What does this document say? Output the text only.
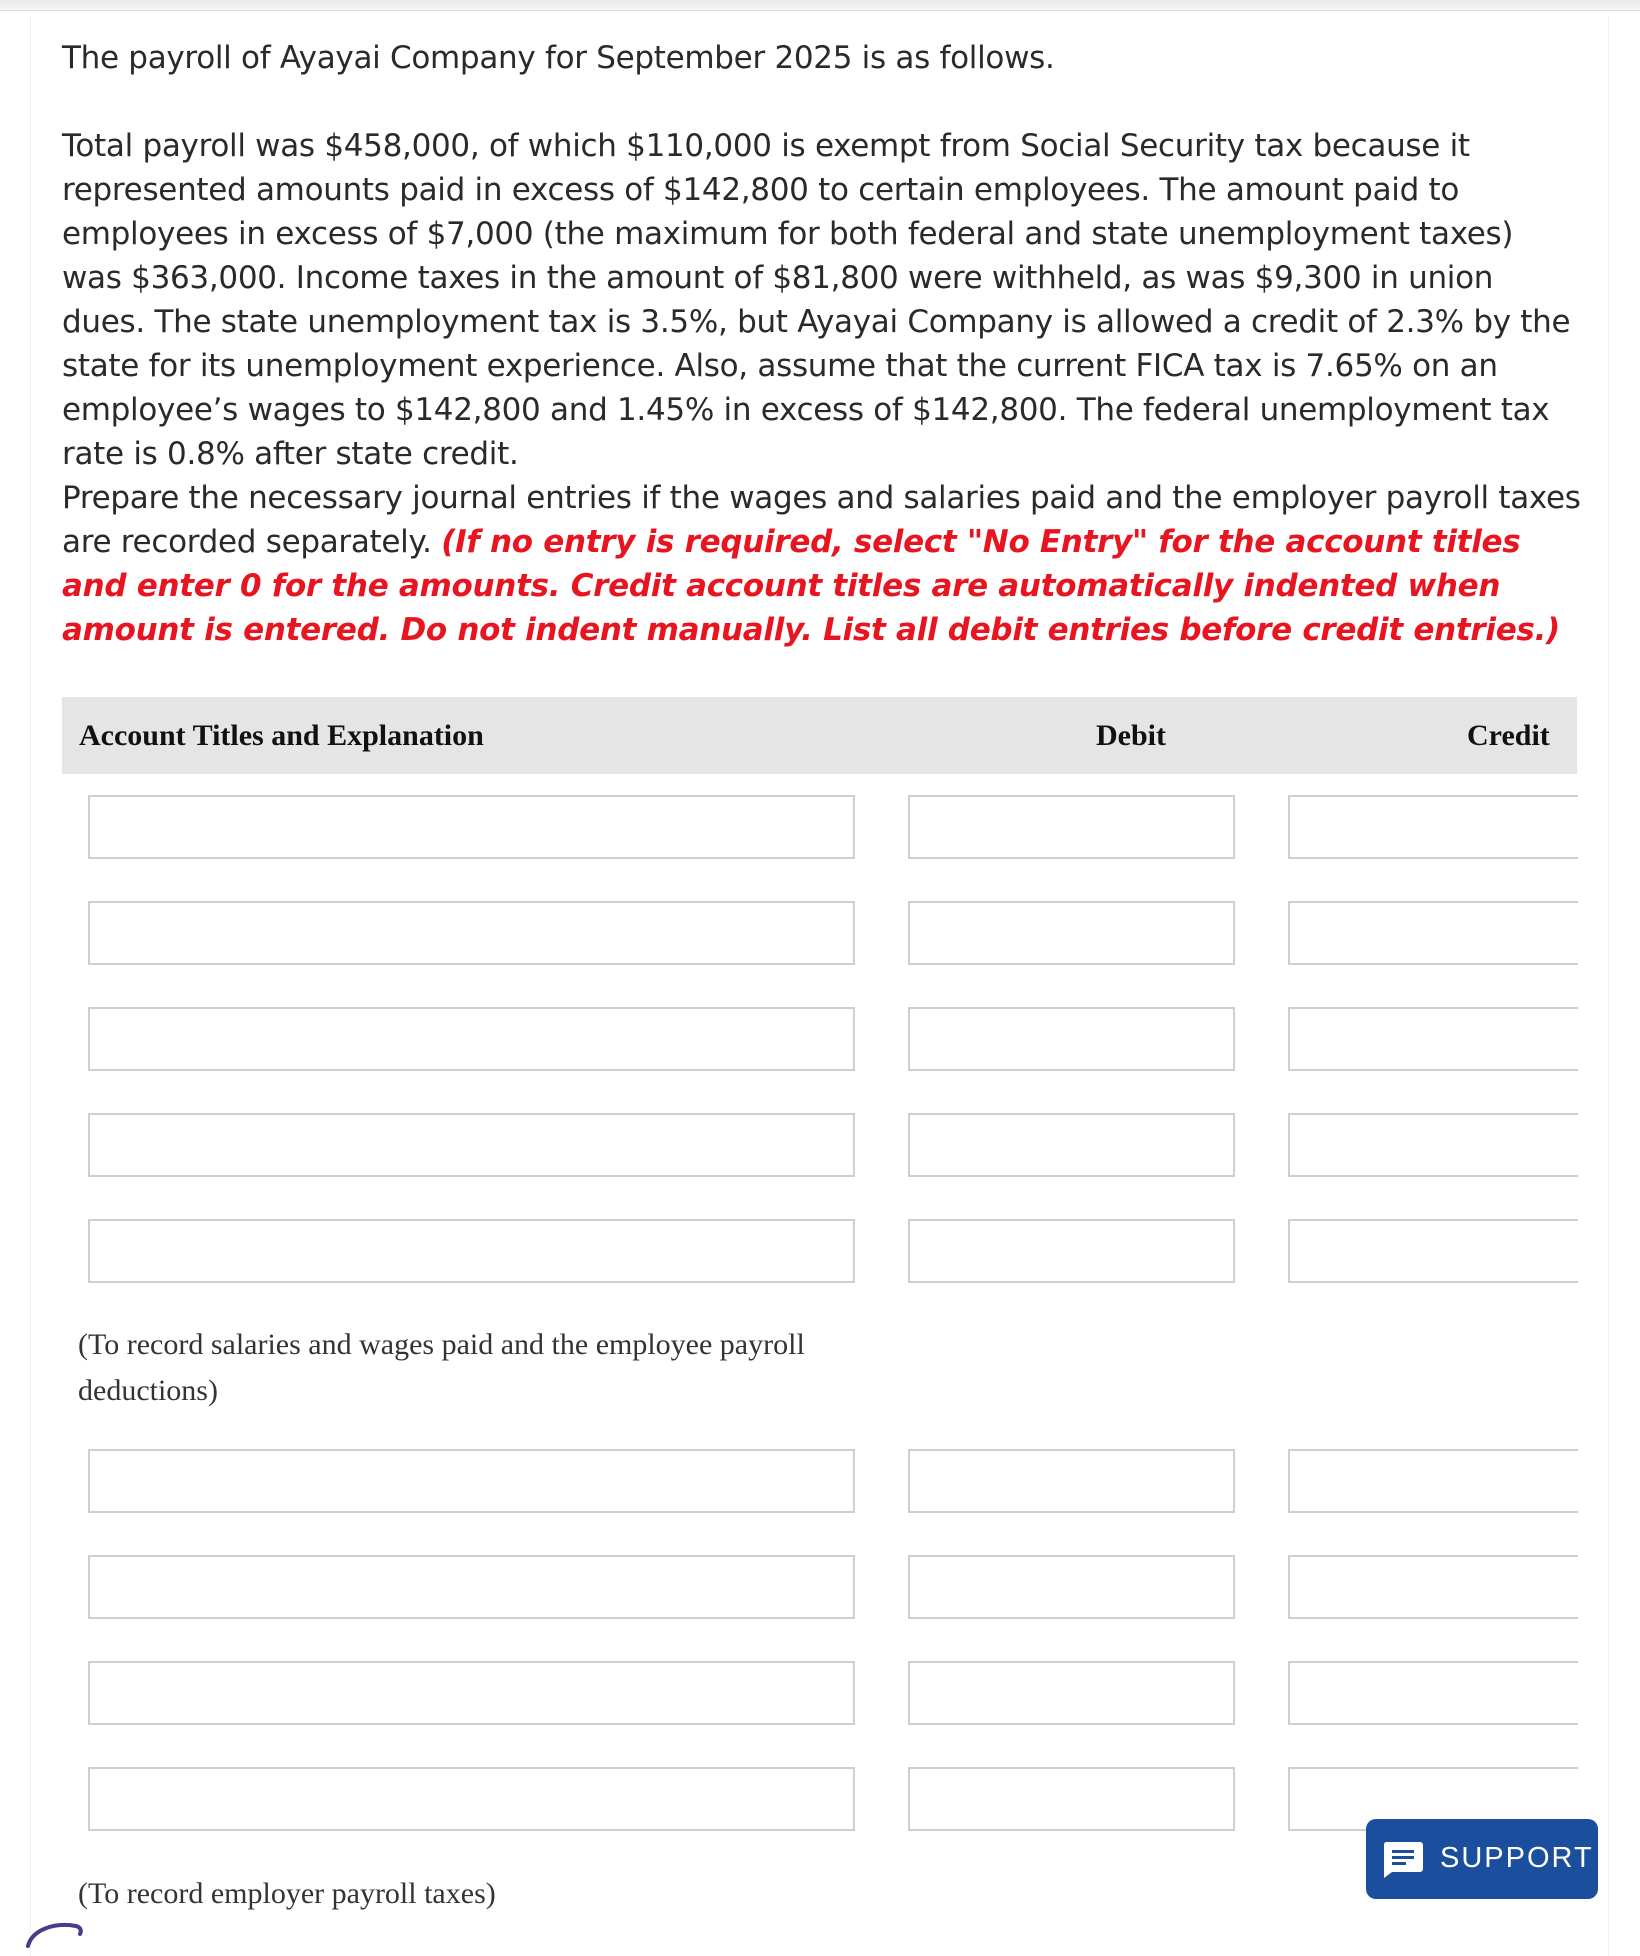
The payroll of Ayayai Company for September 2025 is as follows.

Total payroll was $458,000, of which $110,000 is exempt from Social Security tax because it represented amounts paid in excess of $142,800 to certain employees. The amount paid to employees in excess of $7,000 (the maximum for both federal and state unemployment taxes) was $363,000. Income taxes in the amount of $81,800 were withheld, as was $9,300 in union dues. The state unemployment tax is 3.5%, but Ayayai Company is allowed a credit of 2.3% by the state for its unemployment experience. Also, assume that the current FICA tax is 7.65% on an employee’s wages to $142,800 and 1.45% in excess of $142,800. The federal unemployment tax rate is 0.8% after state credit.

Prepare the necessary journal entries if the wages and salaries paid and the employer payroll taxes are recorded separately. (If no entry is required, select "No Entry" for the account titles and enter 0 for the amounts. Credit account titles are automatically indented when amount is entered. Do not indent manually. List all debit entries before credit entries.)

Account Titles and Explanation	Debit	Credit
(To record salaries and wages paid and the employee payroll deductions)
(To record employer payroll taxes)
SUPPORT
